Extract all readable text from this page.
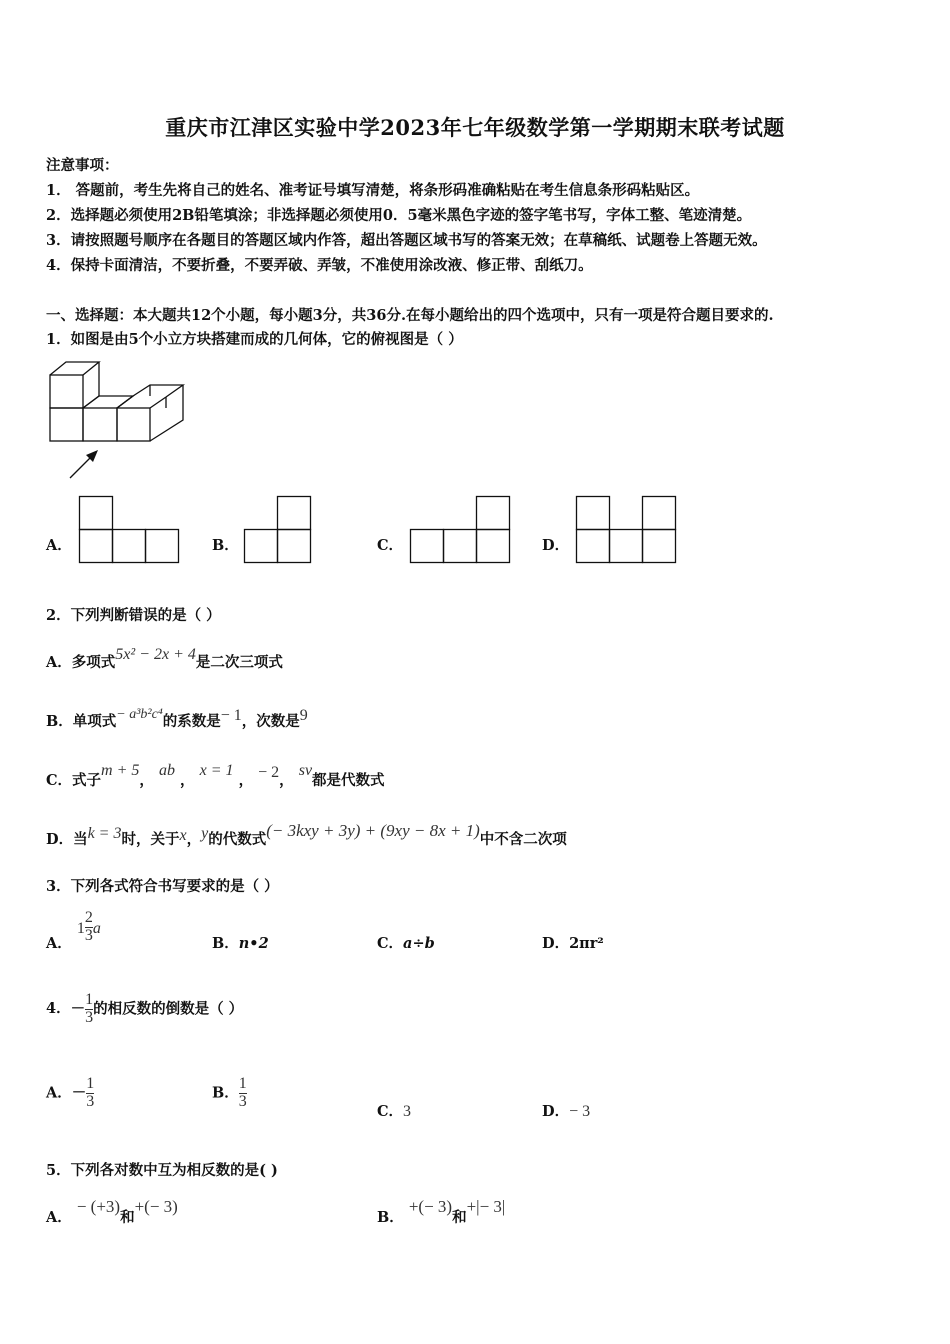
重庆市江津区实验中学2023年七年级数学第一学期期末联考试题
注意事项：
1． 答题前，考生先将自己的姓名、准考证号填写清楚，将条形码准确粘贴在考生信息条形码粘贴区。
2．选择题必须使用2B铅笔填涂；非选择题必须使用0．5毫米黑色字迹的签字笔书写，字体工整、笔迹清楚。
3．请按照题号顺序在各题目的答题区域内作答，超出答题区域书写的答案无效；在草稿纸、试题卷上答题无效。
4．保持卡面清洁，不要折叠，不要弄破、弄皱，不准使用涂改液、修正带、刮纸刀。
一、选择题：本大题共12个小题，每小题3分，共36分.在每小题给出的四个选项中，只有一项是符合题目要求的.
1．如图是由5个小立方块搭建而成的几何体，它的俯视图是（ ）
A．	B．	C．	D．
2．下列判断错误的是（ ）
A．多项式5x² − 2x + 4是二次三项式
B．单项式− a³b²c⁴的系数是− 1，次数是9
C．式子m + 5， ab ， x = 1 ， − 2， sv都是代数式
D．当k = 3时，关于x，y的代数式(− 3kxy + 3y) + (9xy − 8x + 1)中不含二次项
3．下列各式符合书写要求的是（ ）
A． $1 \frac{2}{3}$ a
B．n•2	C．a÷b	D．2πr²
4．－ $\frac{1}{3}$ 的相反数的倒数是（ ）
A．－ $\frac{1}{3}$	B． $\frac{1}{3}$
C．3	D．− 3
5．下列各对数中互为相反数的是( )
A． − (+3)和+(− 3)
B． +(− 3)和+|− 3|
